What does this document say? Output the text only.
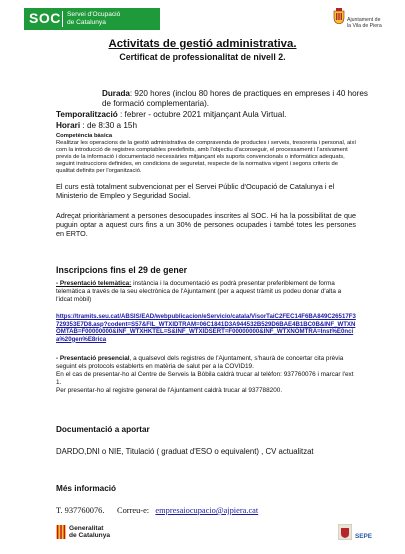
SOC Servei d'Ocupació
de Catalunya	Ajuntament de
la Vila de Piera
Activitats de gestió administrativa.
Certificat de professionalitat de nivell 2.
Durada: 920 hores (inclou 80 hores de practiques en empreses i 40 hores de formació complementaria).
Temporalització : febrer - octubre 2021 mitjançant Aula Virtual.
Horari : de 8:30 a 15h
Competència bàsica
Realitzar les operacions de la gestió administrativa de compravenda de productes i serveis, tresoreria i personal, així com la introducció de registres comptables predefinits, amb l'objectiu d'aconseguir, el processament i l'arxivament previs de la informació i documentació necessàries mitjançant els suports convencionals o informàtics adequats, seguint instruccions definides, en condicions de seguretat, respecte de la normativa vigent i segons criteris de qualitat definits per l'organització.
El curs està totalment subvencionat per el Servei Públic d'Ocupació de Catalunya i el Ministerio de Empleo y Seguridad Social.
Adreçat prioritàriament a persones desocupades inscrites al SOC. Hi ha la possibilitat de que puguin optar a aquest curs fins a un 30% de persones ocupades i també totes les persones en ERTO.
Inscripcions fins el 29 de gener
- Presentació telemàtica: instància i la documentació es podrà presentar preferiblement de forma telemàtica a través de la seu electrònica de l'Ajuntament (per a aquest tràmit us podeu donar d'alta a l'idcat mòbil)
https://tramits.seu.cat/ABSIS/EAD/webpublicacion/eServicio/catala/VisorTaiC2FEC14F6BA849C26517F3729353E7D8.asp?codent=S57&FIL_WTXIDTRAM=06C1841D3A944532B529D6BAE4B1BC0B&INF_WTXNOMTAB=F00000000&INF_WTXHKTEL=S&INF_WTXIDSERT=F00000000&INF_WTXNOMTRA=Inst%E0ncia%20gen%E8rica
- Presentació presencial, a qualsevol dels registres de l'Ajuntament, s'haurà de concertar cita prèvia seguint els protocols establerts en matèria de salut per a la COVID19.
En el cas de presentar-ho al Centre de Serveis la Bòbila caldrà trucar al telèfon: 937760076 i marcar l'ext 1.
Per presentar-ho al registre general de l'Ajuntament caldrà trucar al 937788200.
Documentació a aportar
DARDO,DNI o NIE, Titulació ( graduat d'ESO o equivalent) , CV actualitzat
Més informació
T. 937760076. Correu-e: empresaiocupacio@ajpiera.cat
Generalitat
de Catalunya	SEPE
